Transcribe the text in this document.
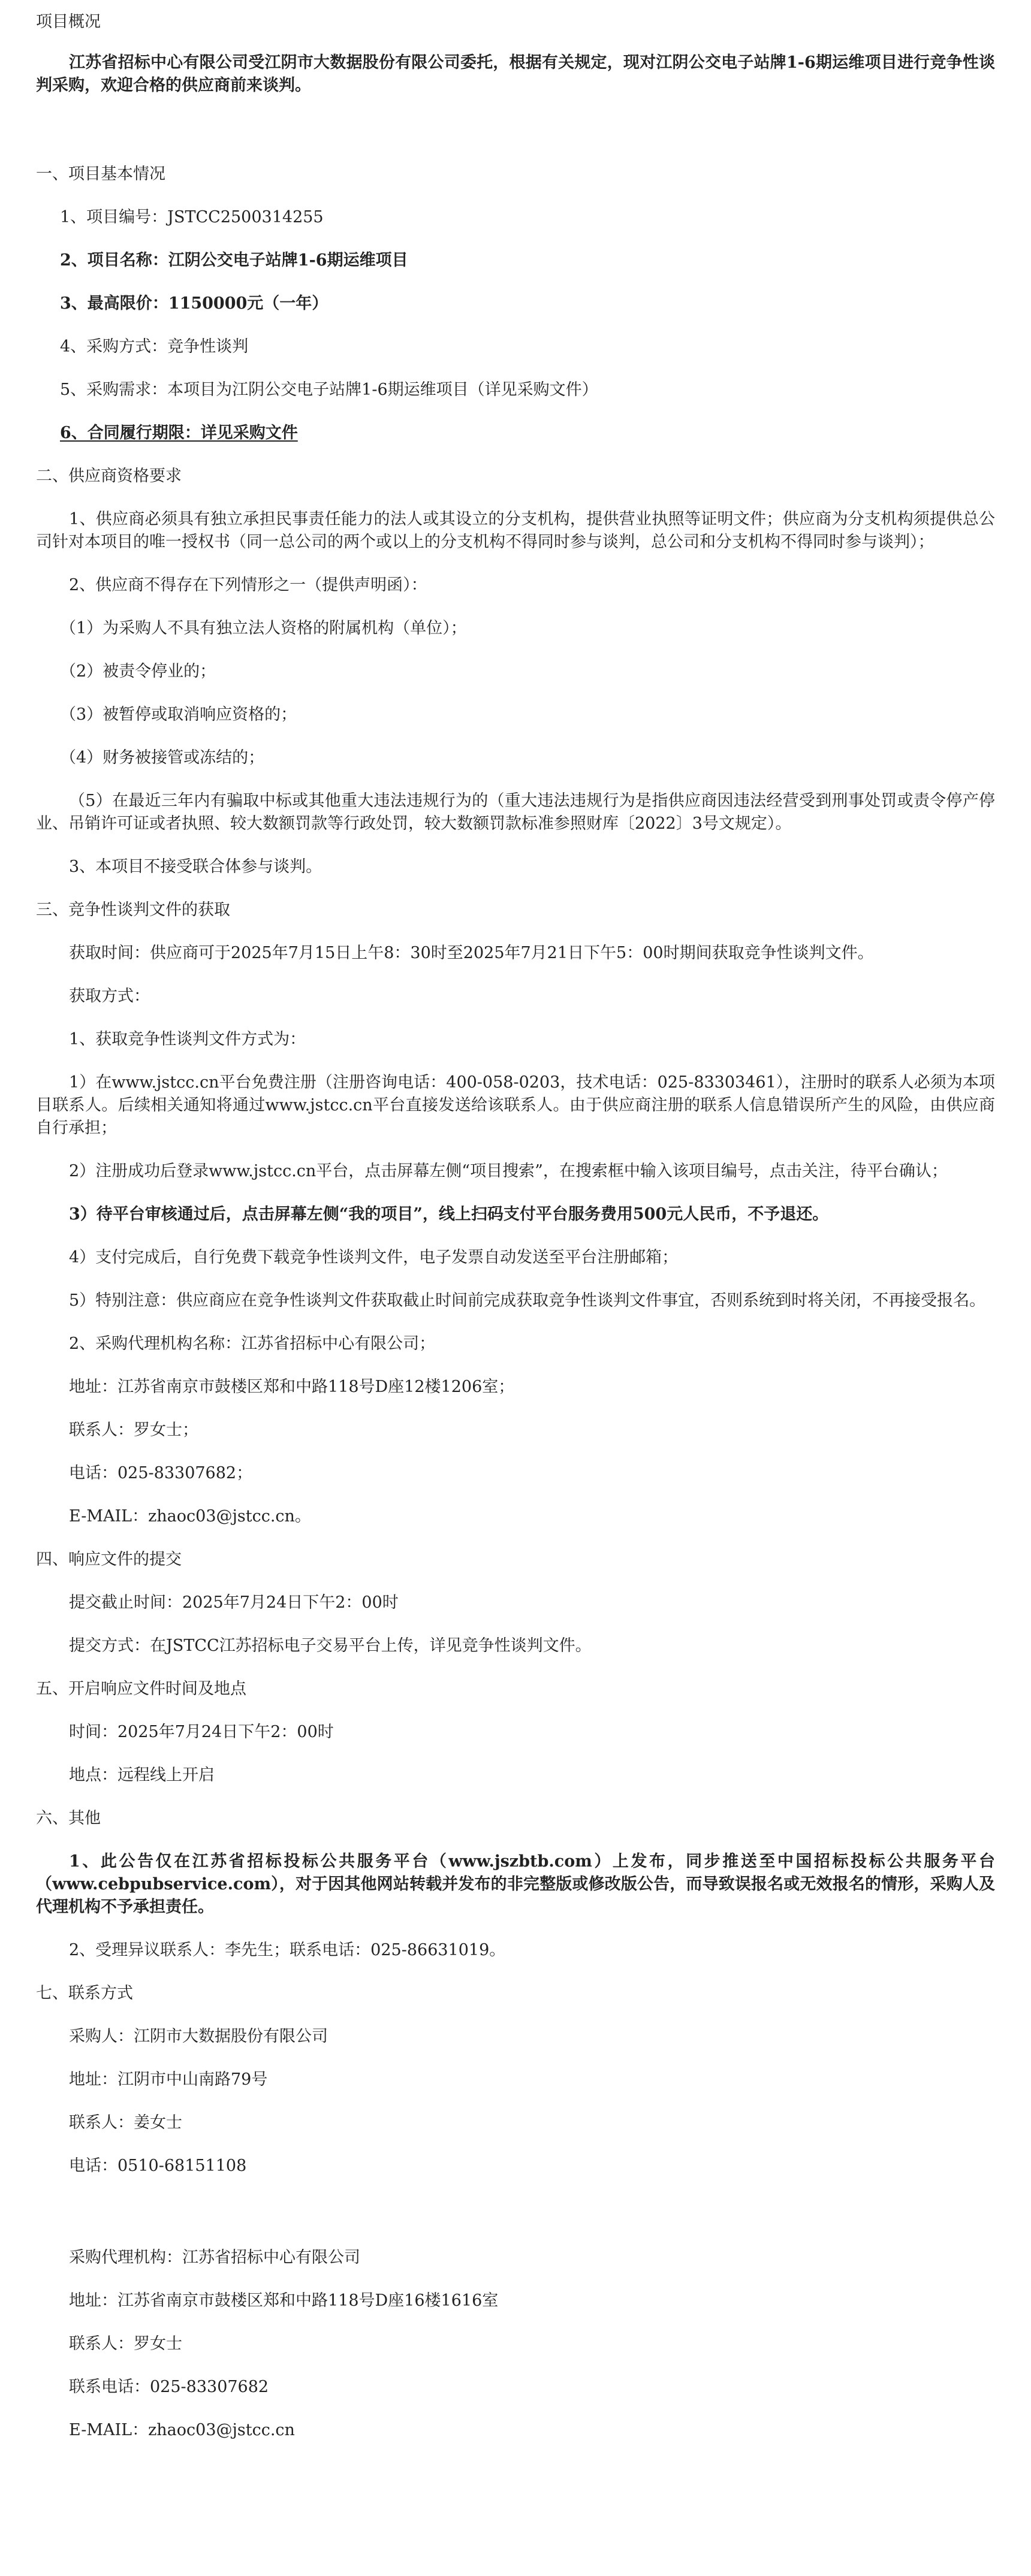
项目概况
江苏省招标中心有限公司受江阴市大数据股份有限公司委托，根据有关规定，现对江阴公交电子站牌1-6期运维项目进行竞争性谈判采购，欢迎合格的供应商前来谈判。
一、项目基本情况
1、项目编号：JSTCC2500314255
2、项目名称：江阴公交电子站牌1-6期运维项目
3、最高限价：1150000元（一年）
4、采购方式：竞争性谈判
5、采购需求：本项目为江阴公交电子站牌1-6期运维项目（详见采购文件）
6、合同履行期限：详见采购文件
二、供应商资格要求
1、供应商必须具有独立承担民事责任能力的法人或其设立的分支机构，提供营业执照等证明文件；供应商为分支机构须提供总公司针对本项目的唯一授权书（同一总公司的两个或以上的分支机构不得同时参与谈判，总公司和分支机构不得同时参与谈判）；
2、供应商不得存在下列情形之一（提供声明函）：
（1）为采购人不具有独立法人资格的附属机构（单位）；
（2）被责令停业的；
（3）被暂停或取消响应资格的；
（4）财务被接管或冻结的；
（5）在最近三年内有骗取中标或其他重大违法违规行为的（重大违法违规行为是指供应商因违法经营受到刑事处罚或责令停产停业、吊销许可证或者执照、较大数额罚款等行政处罚，较大数额罚款标准参照财库〔2022〕3号文规定）。
3、本项目不接受联合体参与谈判。
三、竞争性谈判文件的获取
获取时间：供应商可于2025年7月15日上午8：30时至2025年7月21日下午5：00时期间获取竞争性谈判文件。
获取方式：
1、获取竞争性谈判文件方式为：
1）在www.jstcc.cn平台免费注册（注册咨询电话：400-058-0203，技术电话：025-83303461），注册时的联系人必须为本项目联系人。后续相关通知将通过www.jstcc.cn平台直接发送给该联系人。由于供应商注册的联系人信息错误所产生的风险，由供应商自行承担；
2）注册成功后登录www.jstcc.cn平台，点击屏幕左侧“项目搜索”，在搜索框中输入该项目编号，点击关注，待平台确认；
3）待平台审核通过后，点击屏幕左侧“我的项目”，线上扫码支付平台服务费用500元人民币，不予退还。
4）支付完成后，自行免费下载竞争性谈判文件，电子发票自动发送至平台注册邮箱；
5）特别注意：供应商应在竞争性谈判文件获取截止时间前完成获取竞争性谈判文件事宜，否则系统到时将关闭，不再接受报名。
2、采购代理机构名称：江苏省招标中心有限公司；
地址：江苏省南京市鼓楼区郑和中路118号D座12楼1206室；
联系人：罗女士；
电话：025-83307682；
E-MAIL：zhaoc03@jstcc.cn。
四、响应文件的提交
提交截止时间：2025年7月24日下午2：00时
提交方式：在JSTCC江苏招标电子交易平台上传，详见竞争性谈判文件。
五、开启响应文件时间及地点
时间：2025年7月24日下午2：00时
地点：远程线上开启
六、其他
1、此公告仅在江苏省招标投标公共服务平台（www.jszbtb.com）上发布，同步推送至中国招标投标公共服务平台（www.cebpubservice.com），对于因其他网站转载并发布的非完整版或修改版公告，而导致误报名或无效报名的情形，采购人及代理机构不予承担责任。
2、受理异议联系人：李先生；联系电话：025-86631019。
七、联系方式
采购人：江阴市大数据股份有限公司
地址：江阴市中山南路79号
联系人：姜女士
电话：0510-68151108
采购代理机构：江苏省招标中心有限公司
地址：江苏省南京市鼓楼区郑和中路118号D座16楼1616室
联系人：罗女士
联系电话：025-83307682
E-MAIL：zhaoc03@jstcc.cn
